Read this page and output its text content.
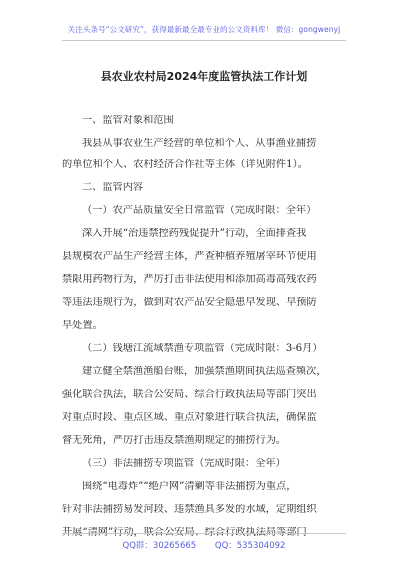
关注头条号“公文研究”，获得最新最全最专业的公文资料库！ 微信：gongwenyj
县农业农村局2024年度监管执法工作计划
一、监管对象和范围
我县从事农业生产经营的单位和个人、从事渔业捕捞
的单位和个人、农村经济合作社等主体（详见附件1）。
二、监管内容
（一）农产品质量安全日常监管（完成时限：全年）
深入开展“治违禁控药残促提升”行动，全面排查我
县规模农产品生产经营主体，严查种植养殖屠宰环节使用
禁限用药物行为，严厉打击非法使用和添加高毒高残农药
等违法违规行为，做到对农产品安全隐患早发现、早预防
早处置。
（二）钱塘江流域禁渔专项监管（完成时限：3-6月）
建立健全禁渔渔船台账，加强禁渔期间执法巡查频次，
强化联合执法，联合公安局、综合行政执法局等部门突出
对重点时段、重点区域、重点对象进行联合执法，确保监
督无死角，严厉打击违反禁渔期规定的捕捞行为。
（三）非法捕捞专项监管（完成时限：全年）
围绕“电毒炸”“绝户网”清剿等非法捕捞为重点，
针对非法捕捞易发河段、违禁渔具多发的水域，定期组织
QQ群：30265665 QQ：535304092
